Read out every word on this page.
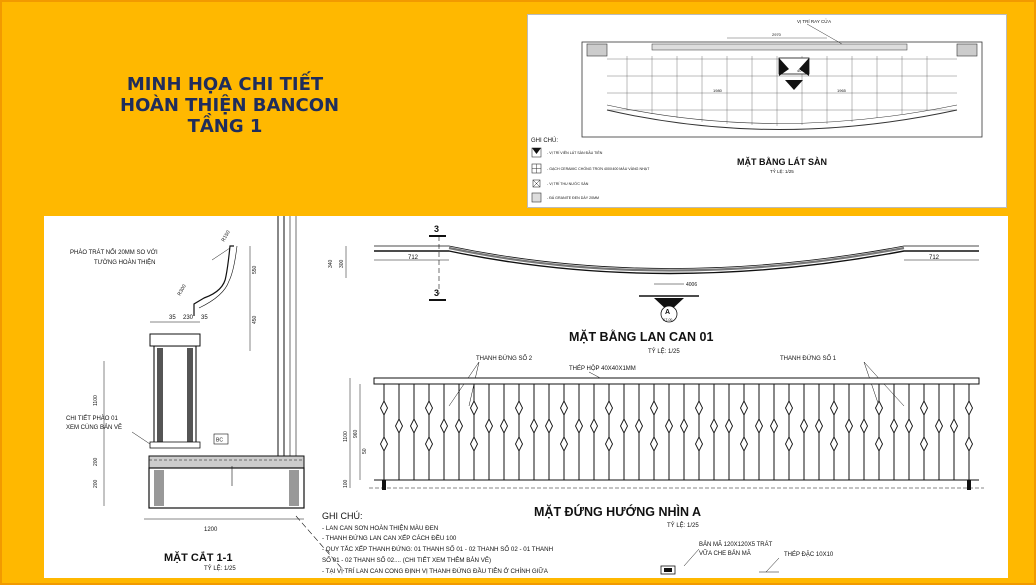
MINH HỌA CHI TIẾT
HOÀN THIỆN BANCON
TẦNG 1
VỊ TRÍ RAY CỬA
2970
40
1980	1965
GHI CHÚ:
- VỊ TRÍ VIÊN LÁT SÀN ĐẦU TIÊN
- GẠCH CERAMIC CHỐNG TRƠN 400X400 MÀU VÀNG NHẠT
- VỊ TRÍ THU NƯỚC SÀN
- ĐÁ GRANITE ĐEN DÀY 20MM
MẶT BẰNG LÁT SÀN
TỶ LỆ: 1/25
BC
1100
200
200
550
450
R150
R300
35 230 35
1200
PHÀO TRÁT NỔI 20MM SO VỚI
TƯỜNG HOÀN THIỆN
CHI TIẾT PHÀO 01
XEM CÙNG BẢN VẼ
MẶT CẮT 1-1
TỶ LỆ: 1/25
3
3
712	712
340 300
4006
A
KT-00
MẶT BẰNG LAN CAN 01
TỶ LỆ: 1/25
THANH ĐỨNG SỐ 2	THANH ĐỨNG SỐ 1
THÉP HỘP 40X40X1MM
1100 960
100
50
MẶT ĐỨNG HƯỚNG NHÌN A
TỶ LỆ: 1/25
GHI CHÚ:
- LAN CAN SƠN HOÀN THIỆN MÀU ĐEN
- THANH ĐỨNG LAN CAN XẾP CÁCH ĐỀU 100
- QUY TẮC XẾP THANH ĐỨNG: 01 THANH SỐ 01 - 02 THANH SỐ 02 - 01 THANH
SỐ 01 - 02 THANH SỐ 02.... (CHI TIẾT XEM THÊM BẢN VẼ)
- TẠI VỊ TRÍ LAN CAN CONG ĐỊNH VỊ THANH ĐỨNG ĐẦU TIÊN Ở CHÍNH GIỮA
BẢN MÃ 120X120X5 TRÁT
VỮA CHE BẢN MÃ	THÉP ĐẶC 10X10
